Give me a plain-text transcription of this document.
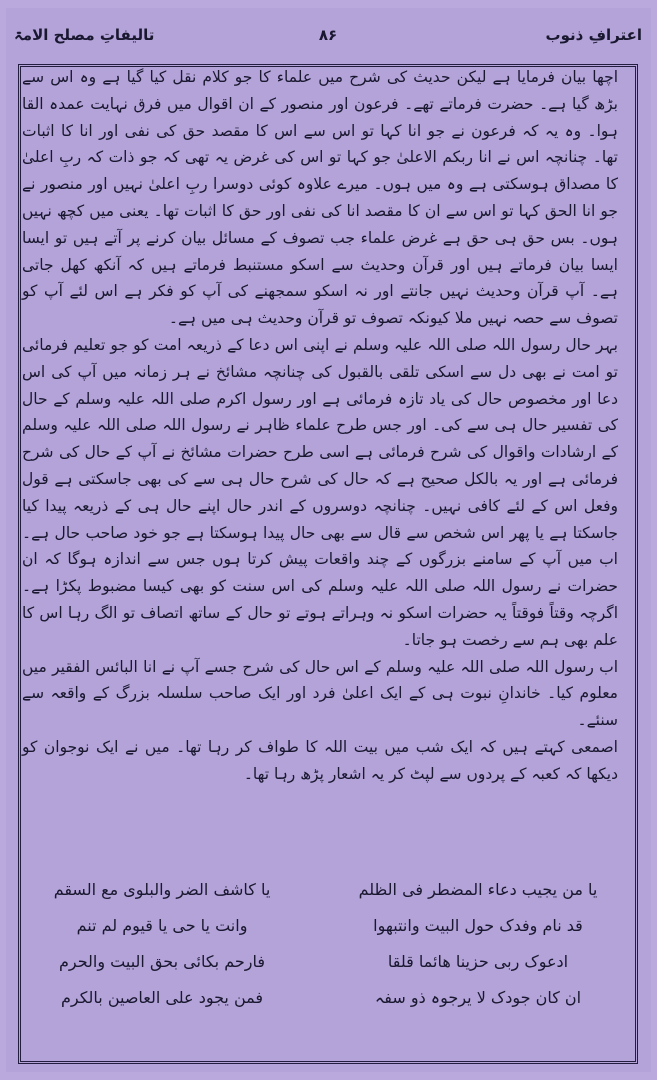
اعترافِ ذنوب
۸۶
تالیفاتِ مصلح الامۃ

اچھا بیان فرمایا ہے لیکن حدیث کی شرح میں علماء کا جو کلام نقل کیا گیا ہے وہ اس سے بڑھ گیا ہے۔ حضرت فرماتے تھے۔ فرعون اور منصور کے ان اقوال میں فرق نہایت عمدہ القا ہوا۔ وہ یہ کہ فرعون نے جو انا کہا تو اس سے اس کا مقصد حق کی نفی اور انا کا اثبات تھا۔ چنانچہ اس نے انا ربکم الاعلیٰ جو کہا تو اس کی غرض یہ تھی کہ جو ذات کہ ربِ اعلیٰ کا مصداق ہوسکتی ہے وہ میں ہوں۔ میرے علاوہ کوئی دوسرا ربِ اعلیٰ نہیں اور منصور نے جو انا الحق کہا تو اس سے ان کا مقصد انا کی نفی اور حق کا اثبات تھا۔ یعنی میں کچھ نہیں ہوں۔ بس حق ہی حق ہے غرض علماء جب تصوف کے مسائل بیان کرنے پر آتے ہیں تو ایسا ایسا بیان فرماتے ہیں اور قرآن وحدیث سے اسکو مستنبط فرماتے ہیں کہ آنکھ کھل جاتی ہے۔ آپ قرآن وحدیث نہیں جانتے اور نہ اسکو سمجھنے کی آپ کو فکر ہے اس لئے آپ کو تصوف سے حصہ نہیں ملا کیونکہ تصوف تو قرآن وحدیث ہی میں ہے۔

بہر حال رسول اللہ صلی اللہ علیہ وسلم نے اپنی اس دعا کے ذریعہ امت کو جو تعلیم فرمائی تو امت نے بھی دل سے اسکی تلقی بالقبول کی چنانچہ مشائخ نے ہر زمانہ میں آپ کی اس دعا اور مخصوص حال کی یاد تازہ فرمائی ہے اور رسول اکرم صلی اللہ علیہ وسلم کے حال کی تفسیر حال ہی سے کی۔ اور جس طرح علماء ظاہر نے رسول اللہ صلی اللہ علیہ وسلم کے ارشادات واقوال کی شرح فرمائی ہے اسی طرح حضرات مشائخ نے آپ کے حال کی شرح فرمائی ہے اور یہ بالکل صحیح ہے کہ حال کی شرح حال ہی سے کی بھی جاسکتی ہے قول وفعل اس کے لئے کافی نہیں۔ چنانچہ دوسروں کے اندر حال اپنے حال ہی کے ذریعہ پیدا کیا جاسکتا ہے یا پھر اس شخص سے قال سے بھی حال پیدا ہوسکتا ہے جو خود صاحب حال ہے۔ اب میں آپ کے سامنے بزرگوں کے چند واقعات پیش کرتا ہوں جس سے اندازہ ہوگا کہ ان حضرات نے رسول اللہ صلی اللہ علیہ وسلم کی اس سنت کو بھی کیسا مضبوط پکڑا ہے۔ اگرچہ وقتاً فوقتاً یہ حضرات اسکو نہ وہراتے ہوتے تو حال کے ساتھ اتصاف تو الگ رہا اس کا علم بھی ہم سے رخصت ہو جاتا۔

اب رسول اللہ صلی اللہ علیہ وسلم کے اس حال کی شرح جسے آپ نے انا البائس الفقیر میں معلوم کیا۔ خاندانِ نبوت ہی کے ایک اعلیٰ فرد اور ایک صاحب سلسلہ بزرگ کے واقعہ سے سنئے۔

اصمعی کہتے ہیں کہ ایک شب میں بیت اللہ کا طواف کر رہا تھا۔ میں نے ایک نوجوان کو دیکھا کہ کعبہ کے پردوں سے لپٹ کر یہ اشعار پڑھ رہا تھا۔

یا من یجیب دعاء المضطر فی الظلم
یا کاشف الضر والبلوی مع السقم
قد نام وفدک حول البیت وانتبھوا
وانت یا حی یا قیوم لم تنم
ادعوک ربی حزینا ھائما قلقا
فارحم بکائی بحق البیت والحرم
ان کان جودک لا یرجوہ ذو سفہ
فمن یجود علی العاصین بالکرم
